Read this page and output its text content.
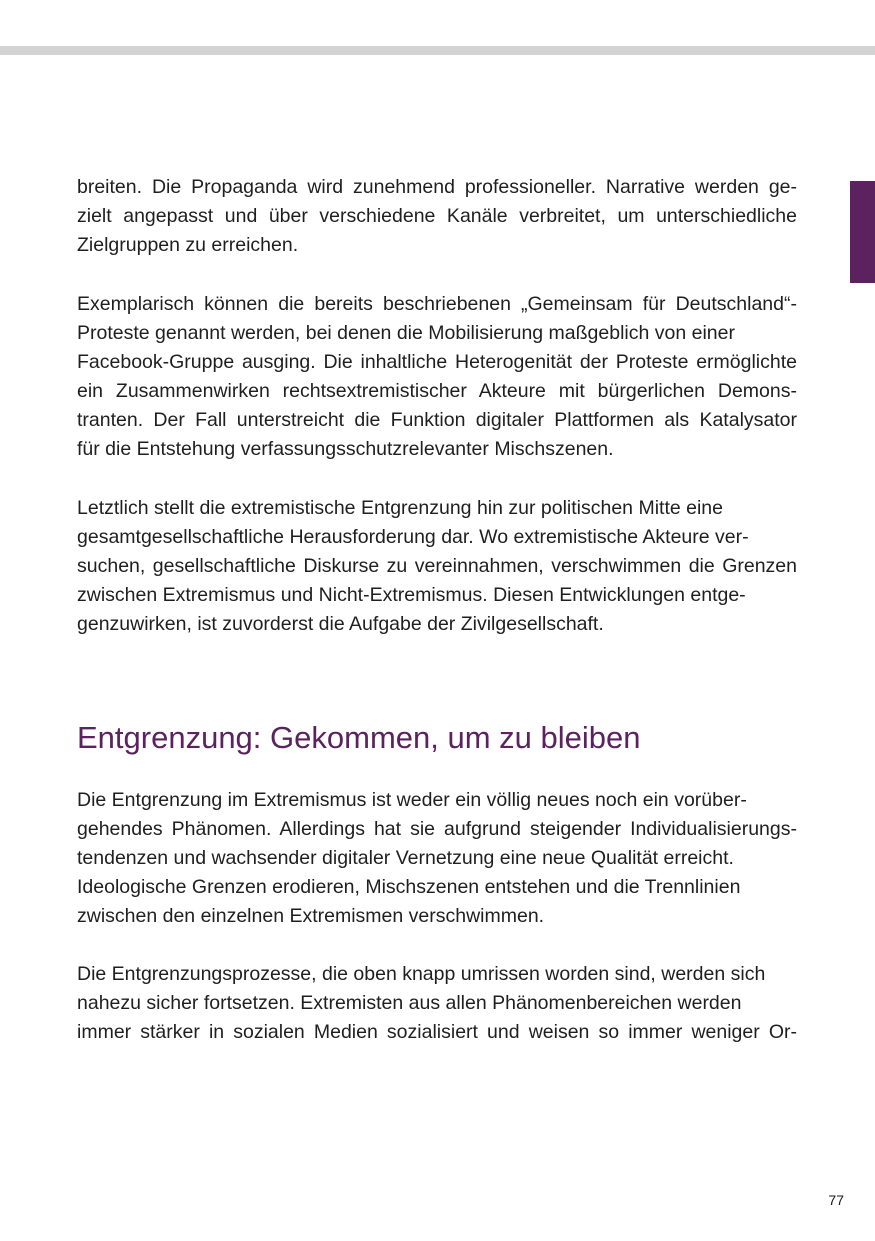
breiten. Die Propaganda wird zunehmend professioneller. Narrative werden ge-
zielt angepasst und über verschiedene Kanäle verbreitet, um unterschiedliche
Zielgruppen zu erreichen.

Exemplarisch können die bereits beschriebenen „Gemeinsam für Deutschland“-
Proteste genannt werden, bei denen die Mobilisierung maßgeblich von einer
Facebook-Gruppe ausging. Die inhaltliche Heterogenität der Proteste ermöglichte
ein Zusammenwirken rechtsextremistischer Akteure mit bürgerlichen Demons-
tranten. Der Fall unterstreicht die Funktion digitaler Plattformen als Katalysator
für die Entstehung verfassungsschutzrelevanter Mischszenen.

Letztlich stellt die extremistische Entgrenzung hin zur politischen Mitte eine
gesamtgesellschaftliche Herausforderung dar. Wo extremistische Akteure ver-
suchen, gesellschaftliche Diskurse zu vereinnahmen, verschwimmen die Grenzen
zwischen Extremismus und Nicht-Extremismus. Diesen Entwicklungen entge-
genzuwirken, ist zuvorderst die Aufgabe der Zivilgesellschaft.

Entgrenzung: Gekommen, um zu bleiben

Die Entgrenzung im Extremismus ist weder ein völlig neues noch ein vorüber-
gehendes Phänomen. Allerdings hat sie aufgrund steigender Individualisierungs-
tendenzen und wachsender digitaler Vernetzung eine neue Qualität erreicht.
Ideologische Grenzen erodieren, Mischszenen entstehen und die Trennlinien
zwischen den einzelnen Extremismen verschwimmen.

Die Entgrenzungsprozesse, die oben knapp umrissen worden sind, werden sich
nahezu sicher fortsetzen. Extremisten aus allen Phänomenbereichen werden
immer stärker in sozialen Medien sozialisiert und weisen so immer weniger Or-

77
